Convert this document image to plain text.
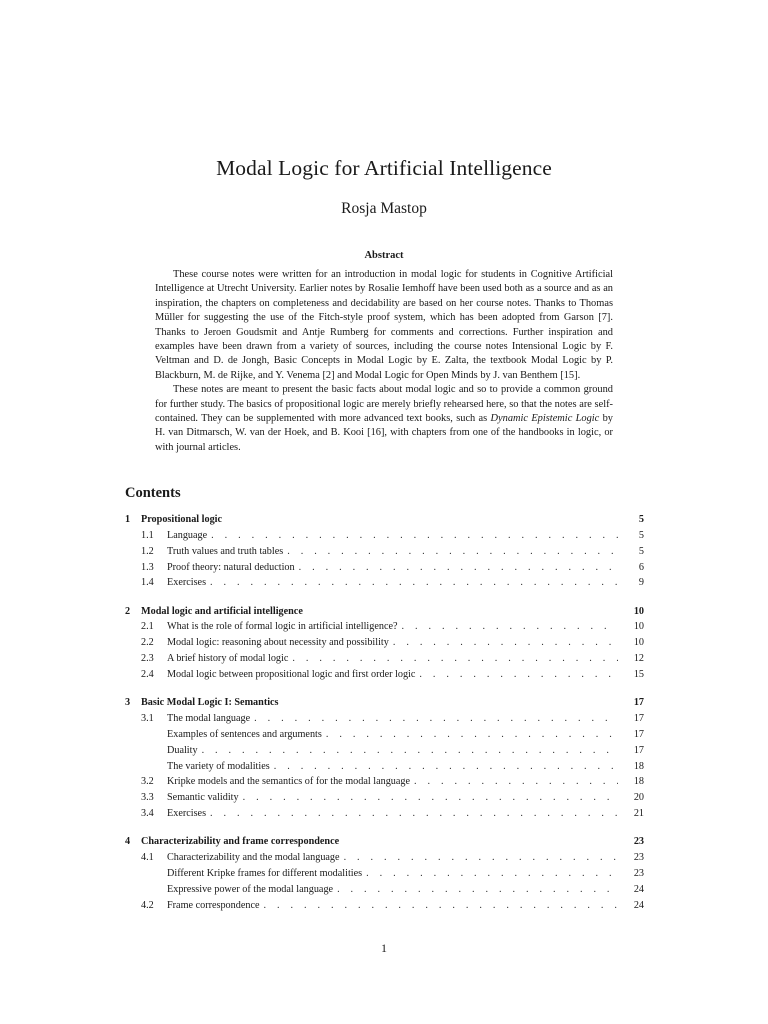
Modal Logic for Artificial Intelligence
Rosja Mastop
Abstract

These course notes were written for an introduction in modal logic for students in Cognitive Artificial Intelligence at Utrecht University. Earlier notes by Rosalie Iemhoff have been used both as a source and as an inspiration, the chapters on completeness and decidability are based on her course notes. Thanks to Thomas Müller for suggesting the use of the Fitch-style proof system, which has been adopted from Garson [7]. Thanks to Jeroen Goudsmit and Antje Rumberg for comments and corrections. Further inspiration and examples have been drawn from a variety of sources, including the course notes Intensional Logic by F. Veltman and D. de Jongh, Basic Concepts in Modal Logic by E. Zalta, the textbook Modal Logic by P. Blackburn, M. de Rijke, and Y. Venema [2] and Modal Logic for Open Minds by J. van Benthem [15].

These notes are meant to present the basic facts about modal logic and so to provide a common ground for further study. The basics of propositional logic are merely briefly rehearsed here, so that the notes are self-contained. They can be supplemented with more advanced text books, such as Dynamic Epistemic Logic by H. van Ditmarsch, W. van der Hoek, and B. Kooi [16], with chapters from one of the handbooks in logic, or with journal articles.

Contents
1	Propositional logic	5
1.1	Language . . .	5
1.2	Truth values and truth tables . . .	5
1.3	Proof theory: natural deduction . . .	6
1.4	Exercises . . .	9
2	Modal logic and artificial intelligence	10
2.1	What is the role of formal logic in artificial intelligence? . . .	10
2.2	Modal logic: reasoning about necessity and possibility . . .	10
2.3	A brief history of modal logic . . .	12
2.4	Modal logic between propositional logic and first order logic . . .	15
3	Basic Modal Logic I: Semantics	17
3.1	The modal language . . .	17
Examples of sentences and arguments . . .	17
Duality . . .	17
The variety of modalities . . .	18
3.2	Kripke models and the semantics of for the modal language . . .	18
3.3	Semantic validity . . .	20
3.4	Exercises . . .	21
4	Characterizability and frame correspondence	23
4.1	Characterizability and the modal language . . .	23
Different Kripke frames for different modalities . . .	23
Expressive power of the modal language . . .	24
4.2	Frame correspondence . . .	24
1
